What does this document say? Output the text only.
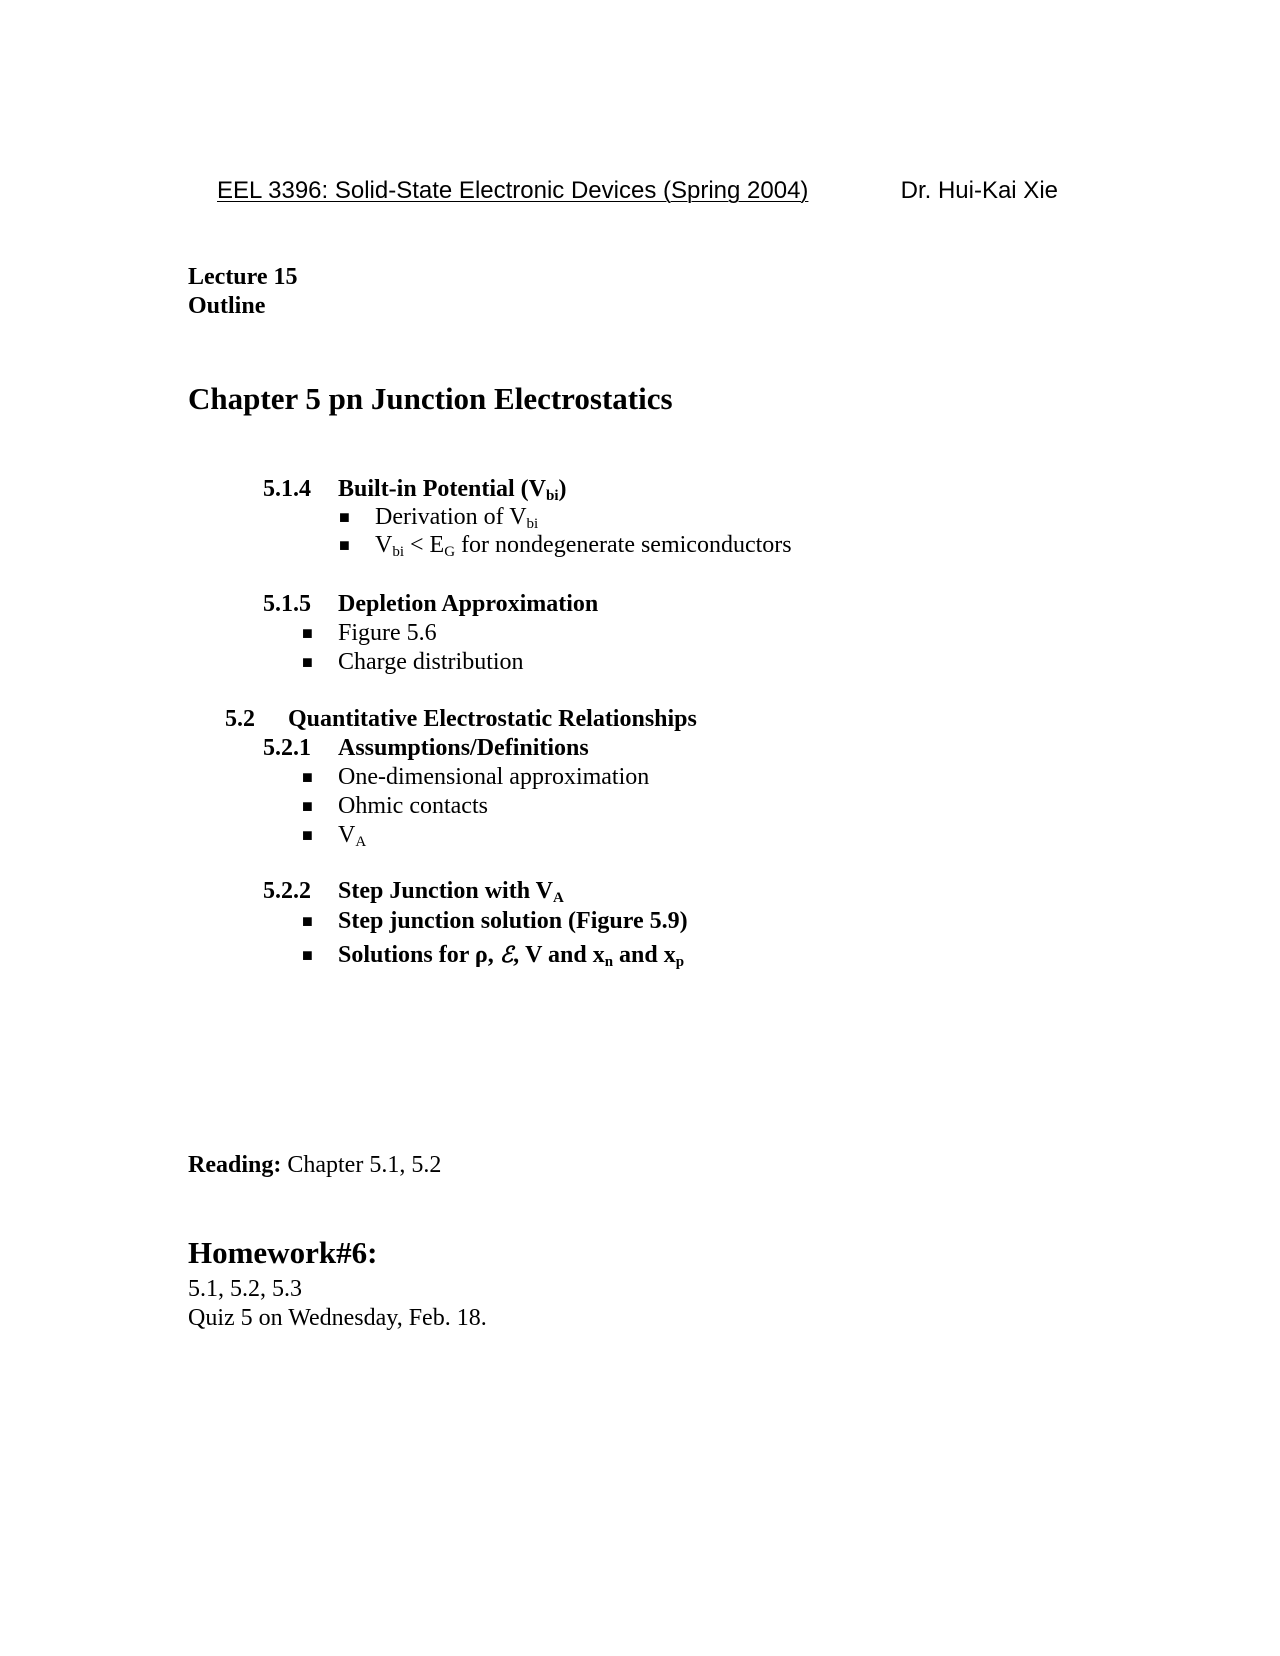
EEL 3396: Solid-State Electronic Devices (Spring 2004)	Dr. Hui-Kai Xie
Lecture 15
Outline
Chapter 5 pn Junction Electrostatics
5.1.4 Built-in Potential $(V_{bi})$
■ Derivation of $V_{bi}$
■ $V_{bi} < E_G$ for nondegenerate semiconductors
5.1.5 Depletion Approximation
■ Figure 5.6
■ Charge distribution
5.2 Quantitative Electrostatic Relationships
5.2.1 Assumptions/Definitions
■ One-dimensional approximation
■ Ohmic contacts
■ $V_A$
5.2.2 Step Junction with $V_A$
■ Step junction solution (Figure 5.9)
■ Solutions for ρ, ℰ, V and $x_n$ and $x_p$
Reading: Chapter 5.1, 5.2
Homework#6:
5.1, 5.2, 5.3
Quiz 5 on Wednesday, Feb. 18.
